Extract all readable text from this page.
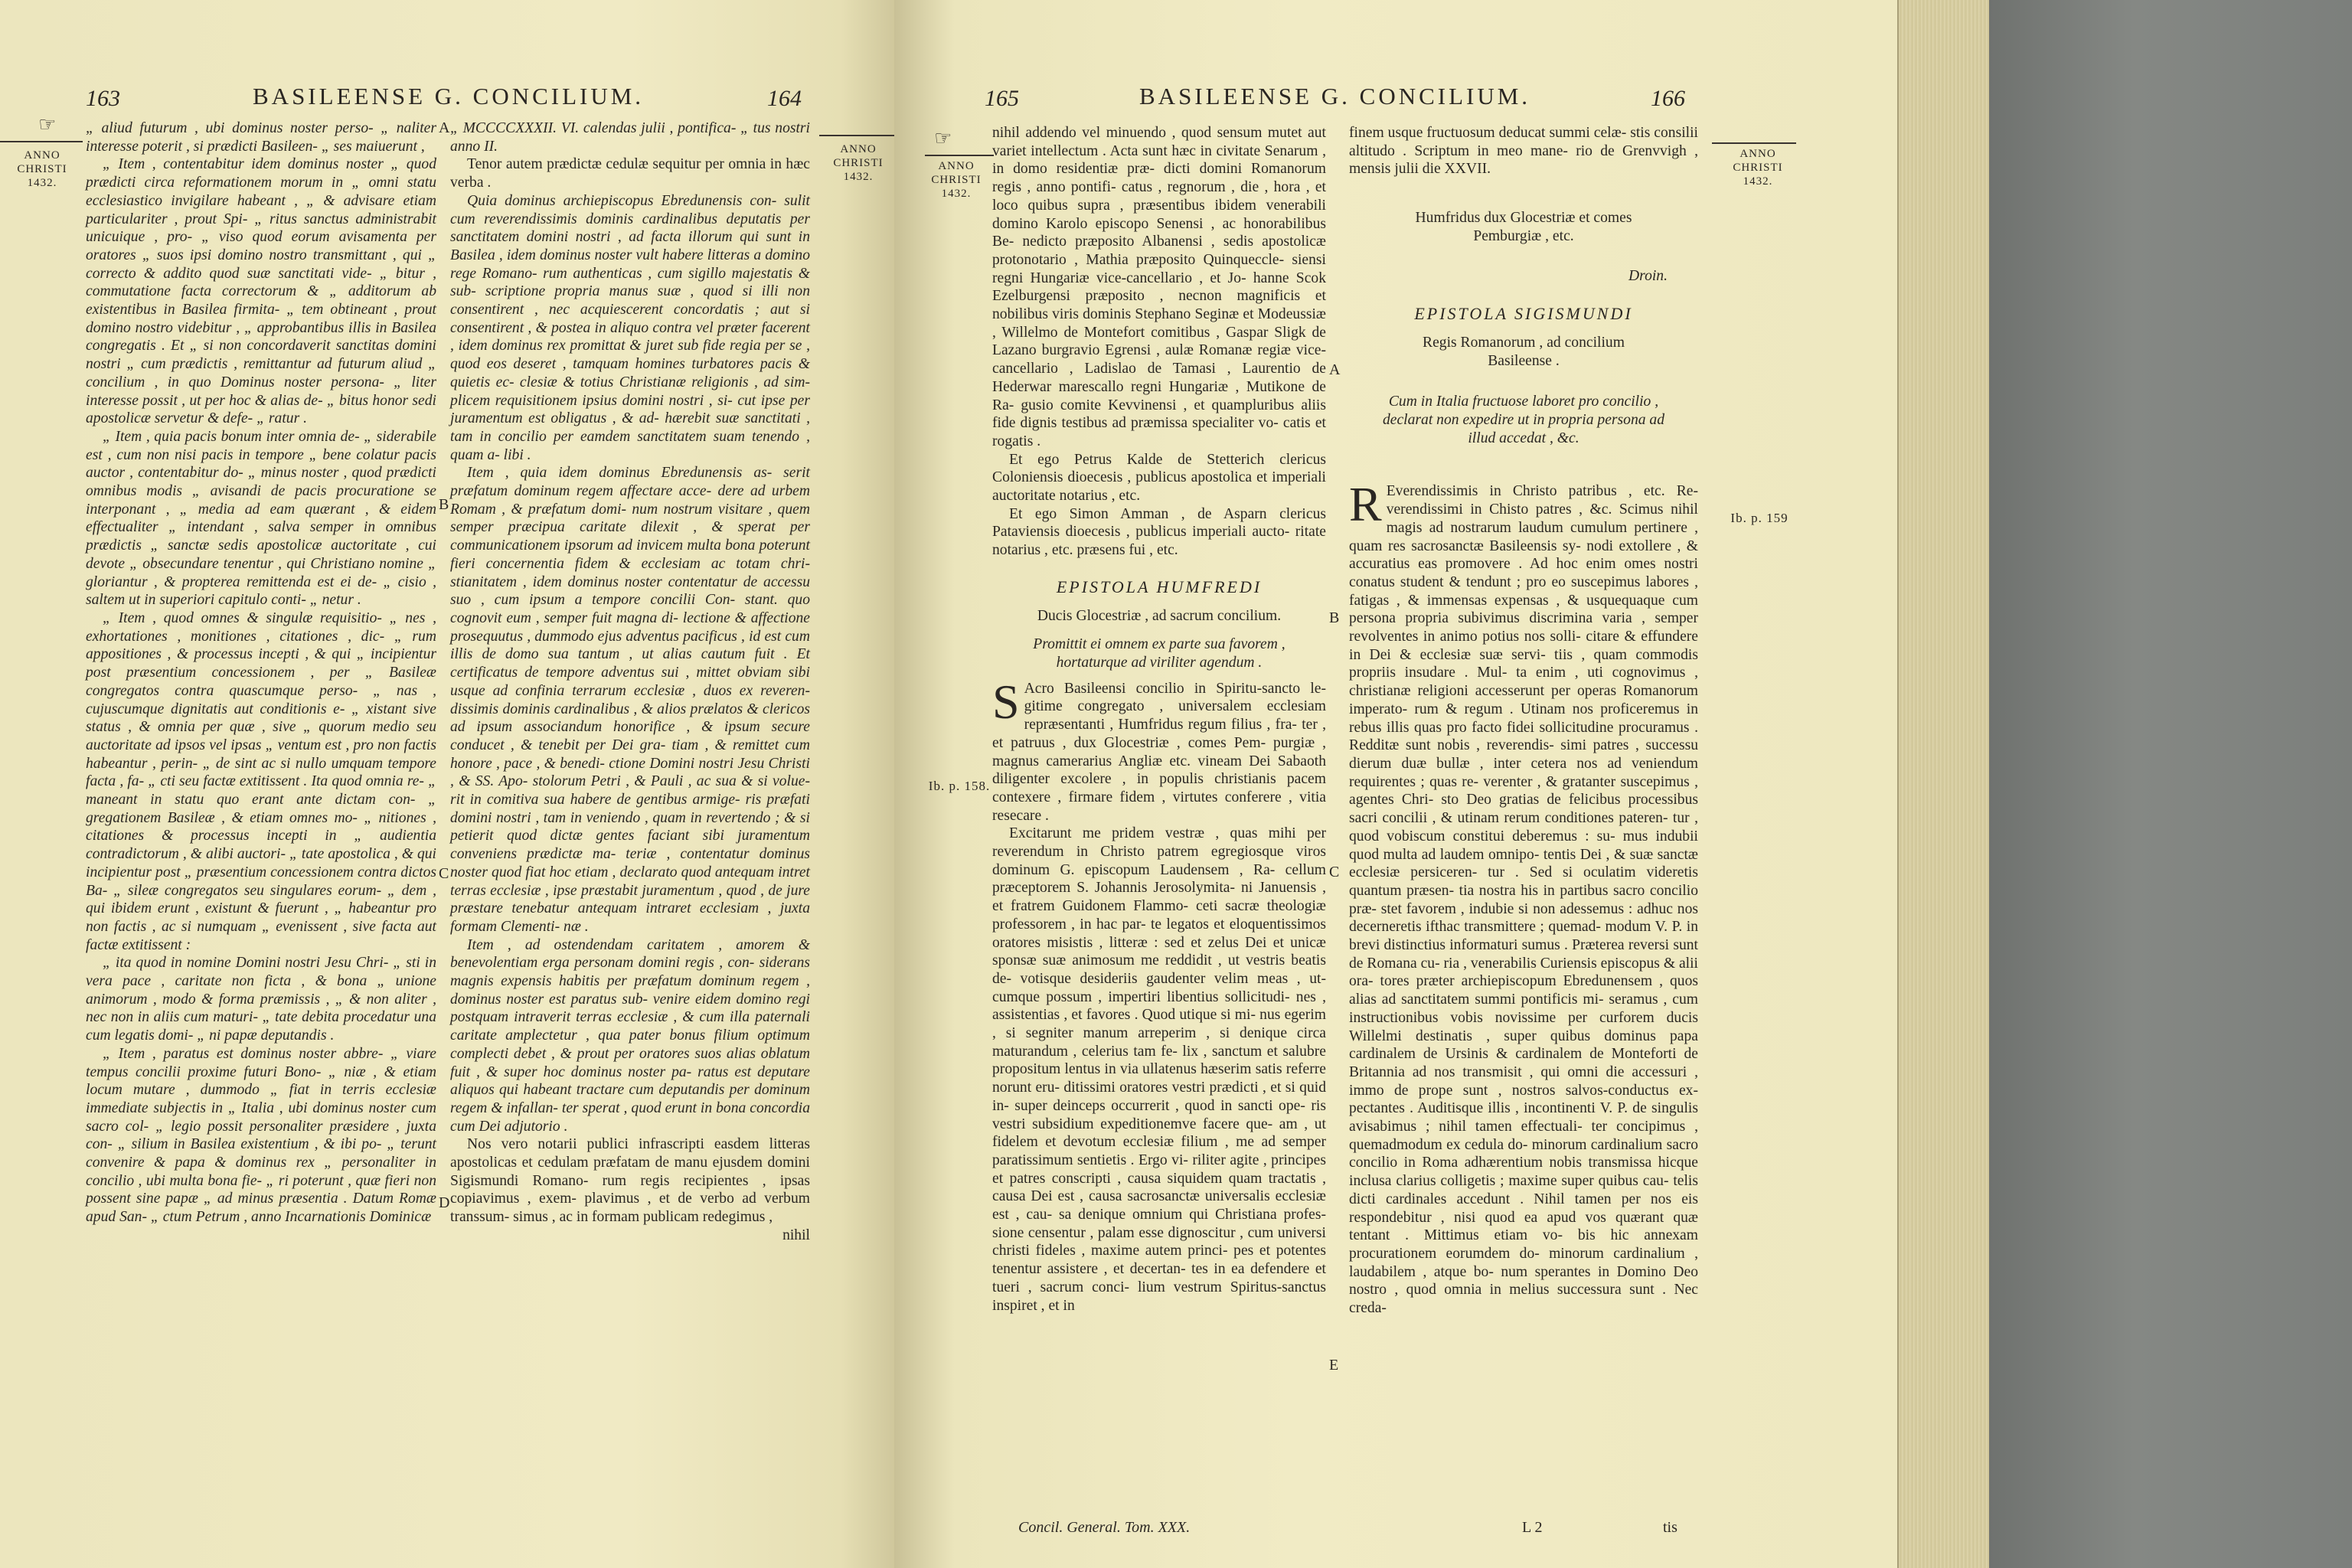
163	BASILEENSE G. CONCILIUM.	164
☞
ANNO
CHRISTI
1432.
ANNO
CHRISTI
1432.

„ aliud futurum , ubi dominus noster perso- „ naliter interesse poterit , si prædicti Basileen- „ ses maiuerunt ,

„ Item , contentabitur idem dominus noster „ quod prædicti circa reformationem morum in „ omni statu ecclesiastico invigilare habeant , „ & advisare etiam particulariter , prout Spi- „ ritus sanctus administrabit unicuique , pro- „ viso quod eorum avisamenta per oratores „ suos ipsi domino nostro transmittant , qui „ correcto & addito quod suæ sanctitati vide- „ bitur , commutatione facta correctorum & „ additorum ab existentibus in Basilea firmita- „ tem obtineant , prout domino nostro videbitur , „ approbantibus illis in Basilea congregatis . Et „ si non concordaverit sanctitas domini nostri „ cum prædictis , remittantur ad futurum aliud „ concilium , in quo Dominus noster persona- „ liter interesse possit , ut per hoc & alias de- „ bitus honor sedi apostolicæ servetur & defe- „ ratur .

„ Item , quia pacis bonum inter omnia de- „ siderabile est , cum non nisi pacis in tempore „ bene colatur pacis auctor , contentabitur do- „ minus noster , quod prædicti omnibus modis „ avisandi de pacis procuratione se interponant , „ media ad eam quærant , & eidem effectualiter „ intendant , salva semper in omnibus prædictis „ sanctæ sedis apostolicæ auctoritate , cui devote „ obsecundare tenentur , qui Christiano nomine „ gloriantur , & propterea remittenda est ei de- „ cisio , saltem ut in superiori capitulo conti- „ netur .

„ Item , quod omnes & singulæ requisitio- „ nes , exhortationes , monitiones , citationes , dic- „ rum appositiones , & processus incepti , & qui „ incipientur post præsentium concessionem , per „ Basileæ congregatos contra quascumque perso- „ nas , cujuscumque dignitatis aut conditionis e- „ xistant sive status , & omnia per quæ , sive „ quorum medio seu auctoritate ad ipsos vel ipsas „ ventum est , pro non factis habeantur , perin- „ de sint ac si nullo umquam tempore facta , fa- „ cti seu factæ extitissent . Ita quod omnia re- „ maneant in statu quo erant ante dictam con- „ gregationem Basileæ , & etiam omnes mo- „ nitiones , citationes & processus incepti in „ audientia contradictorum , & alibi auctori- „ tate apostolica , & qui incipientur post „ præsentium concessionem contra dictos Ba- „ sileæ congregatos seu singulares eorum- „ dem , qui ibidem erunt , existunt & fuerunt , „ habeantur pro non factis , ac si numquam „ evenissent , sive facta aut factæ extitissent :

„ ita quod in nomine Domini nostri Jesu Chri- „ sti in vera pace , caritate non ficta , & bona „ unione animorum , modo & forma præmissis , „ & non aliter , nec non in aliis cum maturi- „ tate debita procedatur una cum legatis domi- „ ni papæ deputandis .

„ Item , paratus est dominus noster abbre- „ viare tempus concilii proxime futuri Bono- „ niæ , & etiam locum mutare , dummodo „ fiat in terris ecclesiæ immediate subjectis in „ Italia , ubi dominus noster cum sacro col- „ legio possit personaliter præsidere , juxta con- „ silium in Basilea existentium , & ibi po- „ terunt convenire & papa & dominus rex „ personaliter in concilio , ubi multa bona fie- „ ri poterunt , quæ fieri non possent sine papæ „ ad minus præsentia . Datum Romæ apud San- „ ctum Petrum , anno Incarnationis Dominicæ

A
B
C
D

„ MCCCCXXXII. VI. calendas julii , pontifica- „ tus nostri anno II.

Tenor autem prædictæ cedulæ sequitur per omnia in hæc verba .

Quia dominus archiepiscopus Ebredunensis con- sulit cum reverendissimis dominis cardinalibus deputatis per sanctitatem domini nostri , ad facta illorum qui sunt in Basilea , idem dominus noster vult habere litteras a domino rege Romano- rum authenticas , cum sigillo majestatis & sub- scriptione propria manus suæ , quod si illi non consentirent , nec acquiescerent concordatis ; aut si consentirent , & postea in aliquo contra vel præter facerent , idem dominus rex promittat & juret sub fide regia per se , quod eos deseret , tamquam homines turbatores pacis & quietis ec- clesiæ & totius Christianæ religionis , ad sim- plicem requisitionem ipsius domini nostri , si- cut ipse per juramentum est obligatus , & ad- hærebit suæ sanctitati , tam in concilio per eamdem sanctitatem suam tenendo , quam a- libi .

Item , quia idem dominus Ebredunensis as- serit præfatum dominum regem affectare acce- dere ad urbem Romam , & præfatum domi- num nostrum visitare , quem semper præcipua caritate dilexit , & sperat per communicationem ipsorum ad invicem multa bona poterunt fieri concernentia fidem & ecclesiam ac totam chri- stianitatem , idem dominus noster contentatur de accessu suo , cum ipsum a tempore concilii Con- stant. quo cognovit eum , semper fuit magna di- lectione & affectione prosequutus , dummodo ejus adventus pacificus , id est cum illis de domo sua tantum , ut alias cautum fuit . Et certificatus de tempore adventus sui , mittet obviam sibi usque ad confinia terrarum ecclesiæ , duos ex reveren- dissimis dominis cardinalibus , & alios prælatos & clericos ad ipsum associandum honorifice , & ipsum secure conducet , & tenebit per Dei gra- tiam , & remittet cum honore , pace , & benedi- ctione Domini nostri Jesu Christi , & SS. Apo- stolorum Petri , & Pauli , ac sua & si volue- rit in comitiva sua habere de gentibus armige- ris præfati domini nostri , tam in veniendo , quam in revertendo ; & si petierit quod dictæ gentes faciant sibi juramentum conveniens prædictæ ma- teriæ , contentatur dominus noster quod fiat hoc etiam , declarato quod antequam intret terras ecclesiæ , ipse præstabit juramentum , quod , de jure præstare tenebatur antequam intraret ecclesiam , juxta formam Clementi- næ .

Item , ad ostendendam caritatem , amorem & benevolentiam erga personam domini regis , con- siderans magnis expensis habitis per præfatum dominum regem , dominus noster est paratus sub- venire eidem domino regi postquam intraverit terras ecclesiæ , & cum illa paternali caritate amplectetur , qua pater bonus filium optimum complecti debet , & prout per oratores suos alias oblatum fuit , & super hoc dominus noster pa- ratus est deputare aliquos qui habeant tractare cum deputandis per dominum regem & infallan- ter sperat , quod erunt in bona concordia cum Dei adjutorio .

Nos vero notarii publici infrascripti easdem litteras apostolicas et cedulam præfatam de manu ejusdem domini Sigismundi Romano- rum regis recipientes , ipsas copiavimus , exem- plavimus , et de verbo ad verbum transsum- simus , ac in formam publicam redegimus ,

nihil

165	BASILEENSE G. CONCILIUM.	166
☞
ANNO
CHRISTI
1432.
ANNO
CHRISTI
1432.
Ib. p. 158.
Ib. p. 159
A
B
C
E

nihil addendo vel minuendo , quod sensum mutet aut variet intellectum . Acta sunt hæc in civitate Senarum , in domo residentiæ præ- dicti domini Romanorum regis , anno pontifi- catus , regnorum , die , hora , et loco quibus supra , præsentibus ibidem venerabili domino Karolo episcopo Senensi , ac honorabilibus Be- nedicto præposito Albanensi , sedis apostolicæ protonotario , Mathia præposito Quinqueccle- siensi regni Hungariæ vice-cancellario , et Jo- hanne Scok Ezelburgensi præposito , necnon magnificis et nobilibus viris dominis Stephano Seginæ et Modeussiæ , Willelmo de Montefort comitibus , Gaspar Sligk de Lazano burgravio Egrensi , aulæ Romanæ regiæ vice-cancellario , Ladislao de Tamasi , Laurentio de Hederwar marescallo regni Hungariæ , Mutikone de Ra- gusio comite Kevvinensi , et quampluribus aliis fide dignis testibus ad præmissa specialiter vo- catis et rogatis .

Et ego Petrus Kalde de Stetterich clericus Coloniensis dioecesis , publicus apostolica et imperiali auctoritate notarius , etc.

Et ego Simon Amman , de Asparn clericus Pataviensis dioecesis , publicus imperiali aucto- ritate notarius , etc. præsens fui , etc.

EPISTOLA HUMFREDI

Ducis Glocestriæ , ad sacrum concilium.

Promittit ei omnem ex parte sua favorem , hortaturque ad viriliter agendum .

S Acro Basileensi concilio in Spiritu-sancto le- gitime congregato , universalem ecclesiam repræsentanti , Humfridus regum filius , fra- ter , et patruus , dux Glocestriæ , comes Pem- purgiæ , magnus camerarius Angliæ etc. vineam Dei Sabaoth diligenter excolere , in populis christianis pacem contexere , firmare fidem , virtutes conferere , vitia resecare .

Excitarunt me pridem vestræ , quas mihi per reverendum in Christo patrem egregiosque viros dominum G. episcopum Laudensem , Ra- cellum præceptorem S. Johannis Jerosolymita- ni Januensis , et fratrem Guidonem Flammo- ceti sacræ theologiæ professorem , in hac par- te legatos et eloquentissimos oratores misistis , litteræ : sed et zelus Dei et unicæ sponsæ suæ animosum me reddidit , ut vestris beatis de- votisque desideriis gaudenter velim meas , ut- cumque possum , impertiri libentius sollicitudi- nes , assistentias , et favores . Quod utique si mi- nus egerim , si segniter manum arreperim , si denique circa maturandum , celerius tam fe- lix , sanctum et salubre propositum lentus in via ullatenus hæserim satis referre norunt eru- ditissimi oratores vestri prædicti , et si quid in- super deinceps occurrerit , quod in sancti ope- ris vestri subsidium expeditionemve facere que- am , ut fidelem et devotum ecclesiæ filium , me ad semper paratissimum sentietis . Ergo vi- riliter agite , principes et patres conscripti , causa siquidem quam tractatis , causa Dei est , causa sacrosanctæ universalis ecclesiæ est , cau- sa denique omnium qui Christiana profes- sione censentur , palam esse dignoscitur , cum universi christi fideles , maxime autem princi- pes et potentes tenentur assistere , et decertan- tes in ea defendere et tueri , sacrum conci- lium vestrum Spiritus-sanctus inspiret , et in

finem usque fructuosum deducat summi celæ- stis consilii altitudo . Scriptum in meo mane- rio de Grenvvigh , mensis julii die XXVII.

Humfridus dux Glocestriæ et comes Pemburgiæ , etc.

Droin.

EPISTOLA SIGISMUNDI

Regis Romanorum , ad concilium Basileense .

Cum in Italia fructuose laboret pro concilio , declarat non expedire ut in propria persona ad illud accedat , &c.

R Everendissimis in Christo patribus , etc. Re- verendissimi in Chisto patres , &c. Scimus nihil magis ad nostrarum laudum cumulum pertinere , quam res sacrosanctæ Basileensis sy- nodi extollere , & accuratius eas promovere . Ad hoc enim omes nostri conatus student & tendunt ; pro eo suscepimus labores , fatigas , & immensas expensas , & usquequaque cum persona propria subivimus discrimina varia , semper revolventes in animo potius nos solli- citare & effundere in Dei & ecclesiæ suæ servi- tiis , quam commodis propriis insudare . Mul- ta enim , uti cognovimus , christianæ religioni accesserunt per operas Romanorum imperato- rum & regum . Utinam nos proficeremus in rebus illis quas pro facto fidei sollicitudine procuramus . Redditæ sunt nobis , reverendis- simi patres , successu dierum duæ bullæ , inter cetera nos ad veniendum requirentes ; quas re- verenter , & gratanter suscepimus , agentes Chri- sto Deo gratias de felicibus processibus sacri concilii , & utinam rerum conditiones pateren- tur , quod vobiscum constitui deberemus : su- mus indubii quod multa ad laudem omnipo- tentis Dei , & suæ sanctæ ecclesiæ persiceren- tur . Sed si oculatim videretis quantum præsen- tia nostra his in partibus sacro concilio præ- stet favorem , indubie si non adessemus : adhuc nos decerneretis ifthac transmittere ; quemad- modum V. P. in brevi distinctius informaturi sumus . Præterea reversi sunt de Romana cu- ria , venerabilis Curiensis episcopus & alii ora- tores præter archiepiscopum Ebredunensem , quos alias ad sanctitatem summi pontificis mi- seramus , cum instructionibus vobis novissime per curforem ducis Willelmi destinatis , super quibus dominus papa cardinalem de Ursinis & cardinalem de Monteforti de Britannia ad nos transmisit , qui omni die accessuri , immo de prope sunt , nostros salvos-conductus ex- pectantes . Auditisque illis , incontinenti V. P. de singulis avisabimus ; nihil tamen effectuali- ter concipimus , quemadmodum ex cedula do- minorum cardinalium sacro concilio in Roma adhærentium nobis transmissa hicque inclusa clarius colligetis ; maxime super quibus cau- telis dicti cardinales accedunt . Nihil tamen per nos eis respondebitur , nisi quod ea apud vos quærant quæ tentant . Mittimus etiam vo- bis hic annexam procurationem eorumdem do- minorum cardinalium , laudabilem , atque bo- num sperantes in Domino Deo nostro , quod omnia in melius successura sunt . Nec creda-

Concil. General. Tom. XXX.	L 2	tis
